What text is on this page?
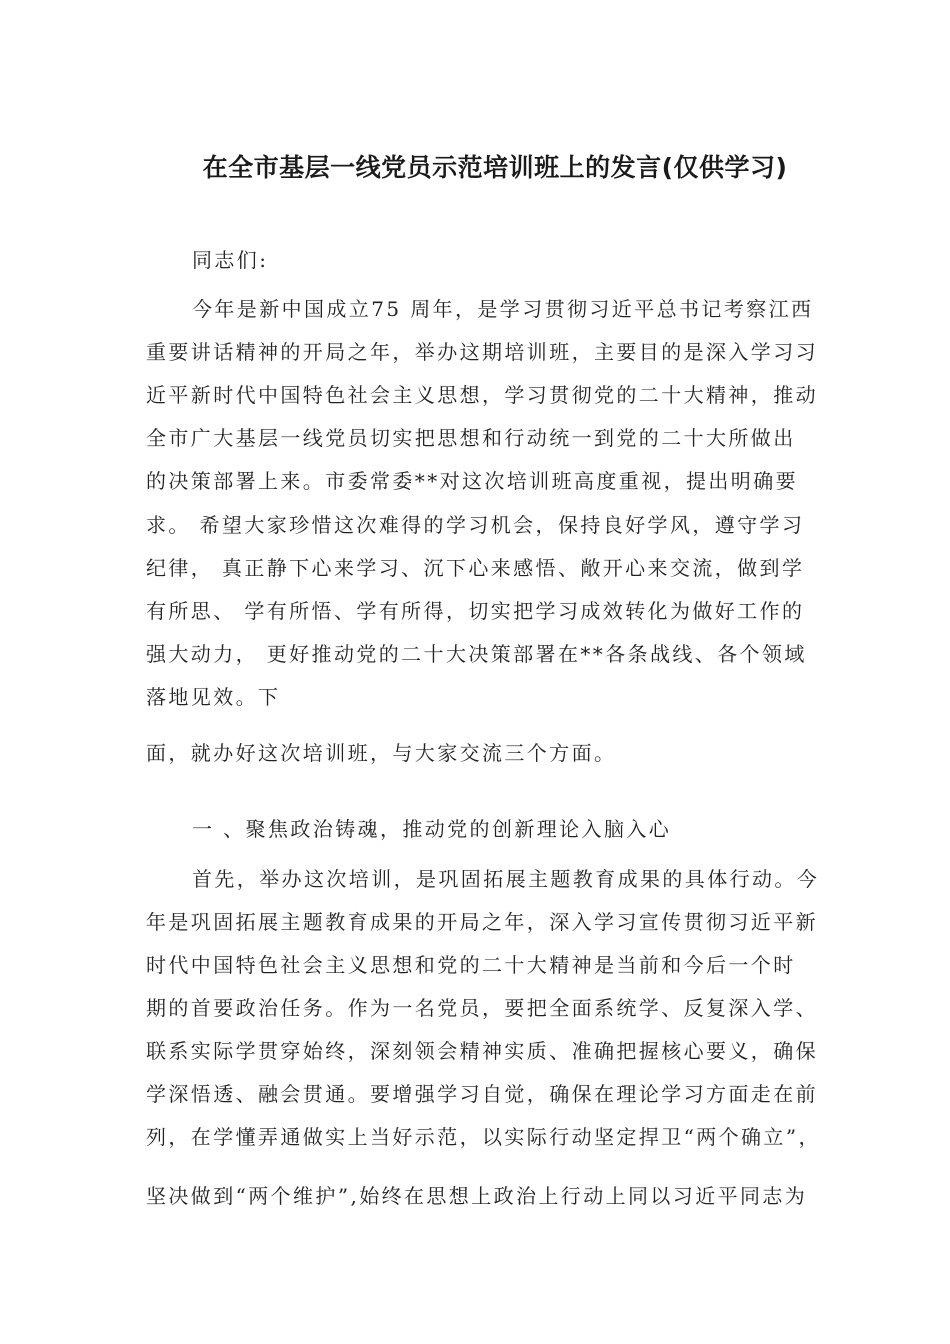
在全市基层一线党员示范培训班上的发言(仅供学习)
同志们:
今年是新中国成立75 周年，是学习贯彻习近平总书记考察江西
重要讲话精神的开局之年，举办这期培训班，主要目的是深入学习习
近平新时代中国特色社会主义思想，学习贯彻党的二十大精神，推动
全市广大基层一线党员切实把思想和行动统一到党的二十大所做出
的决策部署上来。市委常委**对这次培训班高度重视，提出明确要
求。 希望大家珍惜这次难得的学习机会，保持良好学风，遵守学习
纪律， 真正静下心来学习、沉下心来感悟、敞开心来交流，做到学
有所思、 学有所悟、学有所得，切实把学习成效转化为做好工作的
强大动力， 更好推动党的二十大决策部署在**各条战线、各个领域
落地见效。下
面，就办好这次培训班，与大家交流三个方面。
一 、聚焦政治铸魂，推动党的创新理论入脑入心
首先，举办这次培训，是巩固拓展主题教育成果的具体行动。今
年是巩固拓展主题教育成果的开局之年，深入学习宣传贯彻习近平新
时代中国特色社会主义思想和党的二十大精神是当前和今后一个时
期的首要政治任务。作为一名党员，要把全面系统学、反复深入学、
联系实际学贯穿始终，深刻领会精神实质、准确把握核心要义，确保
学深悟透、融会贯通。要增强学习自觉，确保在理论学习方面走在前
列，在学懂弄通做实上当好示范，以实际行动坚定捍卫“两个确立”，
坚决做到“两个维护”,始终在思想上政治上行动上同以习近平同志为
